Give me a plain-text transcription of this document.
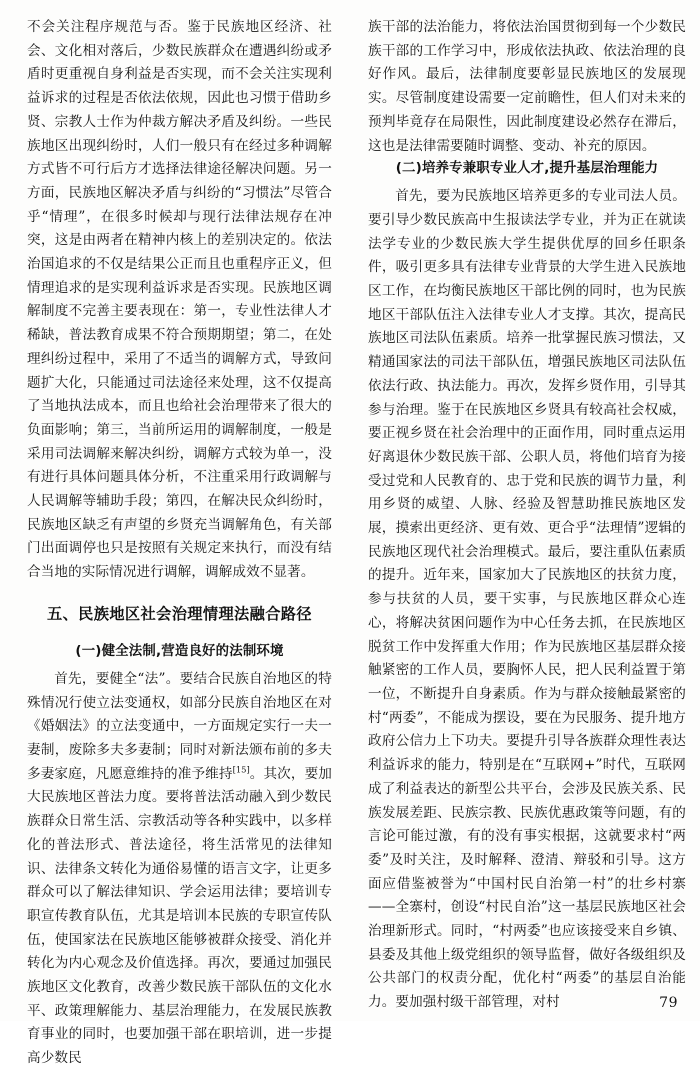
不会关注程序规范与否。鉴于民族地区经济、社会、文化相对落后，少数民族群众在遭遇纠纷或矛盾时更重视自身利益是否实现，而不会关注实现利益诉求的过程是否依法依规，因此也习惯于借助乡贤、宗教人士作为仲裁方解决矛盾及纠纷。一些民族地区出现纠纷时，人们一般只有在经过多种调解方式皆不可行后方才选择法律途径解决问题。另一方面，民族地区解决矛盾与纠纷的“习惯法”尽管合乎“情理”，在很多时候却与现行法律法规存在冲突，这是由两者在精神内核上的差别决定的。依法治国追求的不仅是结果公正而且也重程序正义，但情理追求的是实现利益诉求是否实现。民族地区调解制度不完善主要表现在：第一，专业性法律人才稀缺，普法教育成果不符合预期期望；第二，在处理纠纷过程中，采用了不适当的调解方式，导致问题扩大化，只能通过司法途径来处理，这不仅提高了当地执法成本，而且也给社会治理带来了很大的负面影响；第三，当前所运用的调解制度，一般是采用司法调解来解决纠纷，调解方式较为单一，没有进行具体问题具体分析，不注重采用行政调解与人民调解等辅助手段；第四，在解决民众纠纷时，民族地区缺乏有声望的乡贤充当调解角色，有关部门出面调停也只是按照有关规定来执行，而没有结合当地的实际情况进行调解，调解成效不显著。

五、民族地区社会治理情理法融合路径
(一)健全法制,营造良好的法制环境

首先，要健全“法”。要结合民族自治地区的特殊情况行使立法变通权，如部分民族自治地区在对《婚姻法》的立法变通中，一方面规定实行一夫一妻制，废除多夫多妻制；同时对新法颁布前的多夫多妻家庭，凡愿意维持的准予维持[15]。其次，要加大民族地区普法力度。要将普法活动融入到少数民族群众日常生活、宗教活动等各种实践中，以多样化的普法形式、普法途径，将生活常见的法律知识、法律条文转化为通俗易懂的语言文字，让更多群众可以了解法律知识、学会运用法律；要培训专职宣传教育队伍，尤其是培训本民族的专职宣传队伍，使国家法在民族地区能够被群众接受、消化并转化为内心观念及价值选择。再次，要通过加强民族地区文化教育，改善少数民族干部队伍的文化水平、政策理解能力、基层治理能力，在发展民族教育事业的同时，也要加强干部在职培训，进一步提高少数民

族干部的法治能力，将依法治国贯彻到每一个少数民族干部的工作学习中，形成依法执政、依法治理的良好作风。最后，法律制度要彰显民族地区的发展现实。尽管制度建设需要一定前瞻性，但人们对未来的预判毕竟存在局限性，因此制度建设必然存在滞后，这也是法律需要随时调整、变动、补充的原因。

(二)培养专兼职专业人才,提升基层治理能力

首先，要为民族地区培养更多的专业司法人员。要引导少数民族高中生报读法学专业，并为正在就读法学专业的少数民族大学生提供优厚的回乡任职条件，吸引更多具有法律专业背景的大学生进入民族地区工作，在均衡民族地区干部比例的同时，也为民族地区干部队伍注入法律专业人才支撑。其次，提高民族地区司法队伍素质。培养一批掌握民族习惯法，又精通国家法的司法干部队伍，增强民族地区司法队伍依法行政、执法能力。再次，发挥乡贤作用，引导其参与治理。鉴于在民族地区乡贤具有较高社会权威，要正视乡贤在社会治理中的正面作用，同时重点运用好离退休少数民族干部、公职人员，将他们培育为接受过党和人民教育的、忠于党和民族的调节力量，利用乡贤的威望、人脉、经验及智慧助推民族地区发展，摸索出更经济、更有效、更合乎“法理情”逻辑的民族地区现代社会治理模式。最后，要注重队伍素质的提升。近年来，国家加大了民族地区的扶贫力度，参与扶贫的人员，要干实事，与民族地区群众心连心，将解决贫困问题作为中心任务去抓，在民族地区脱贫工作中发挥重大作用；作为民族地区基层群众接触紧密的工作人员，要胸怀人民，把人民利益置于第一位，不断提升自身素质。作为与群众接触最紧密的村“两委”，不能成为摆设，要在为民服务、提升地方政府公信力上下功夫。要提升引导各族群众理性表达利益诉求的能力，特别是在“互联网+”时代，互联网成了利益表达的新型公共平台，会涉及民族关系、民族发展差距、民族宗教、民族优惠政策等问题，有的言论可能过激，有的没有事实根据，这就要求村“两委”及时关注，及时解释、澄清、辩驳和引导。这方面应借鉴被誉为“中国村民自治第一村”的壮乡村寨——全寨村，创设“村民自治”这一基层民族地区社会治理新形式。同时，“村两委”也应该接受来自乡镇、县委及其他上级党组织的领导监督，做好各级组织及公共部门的权责分配，优化村“两委”的基层自治能力。要加强村级干部管理，对村	79
